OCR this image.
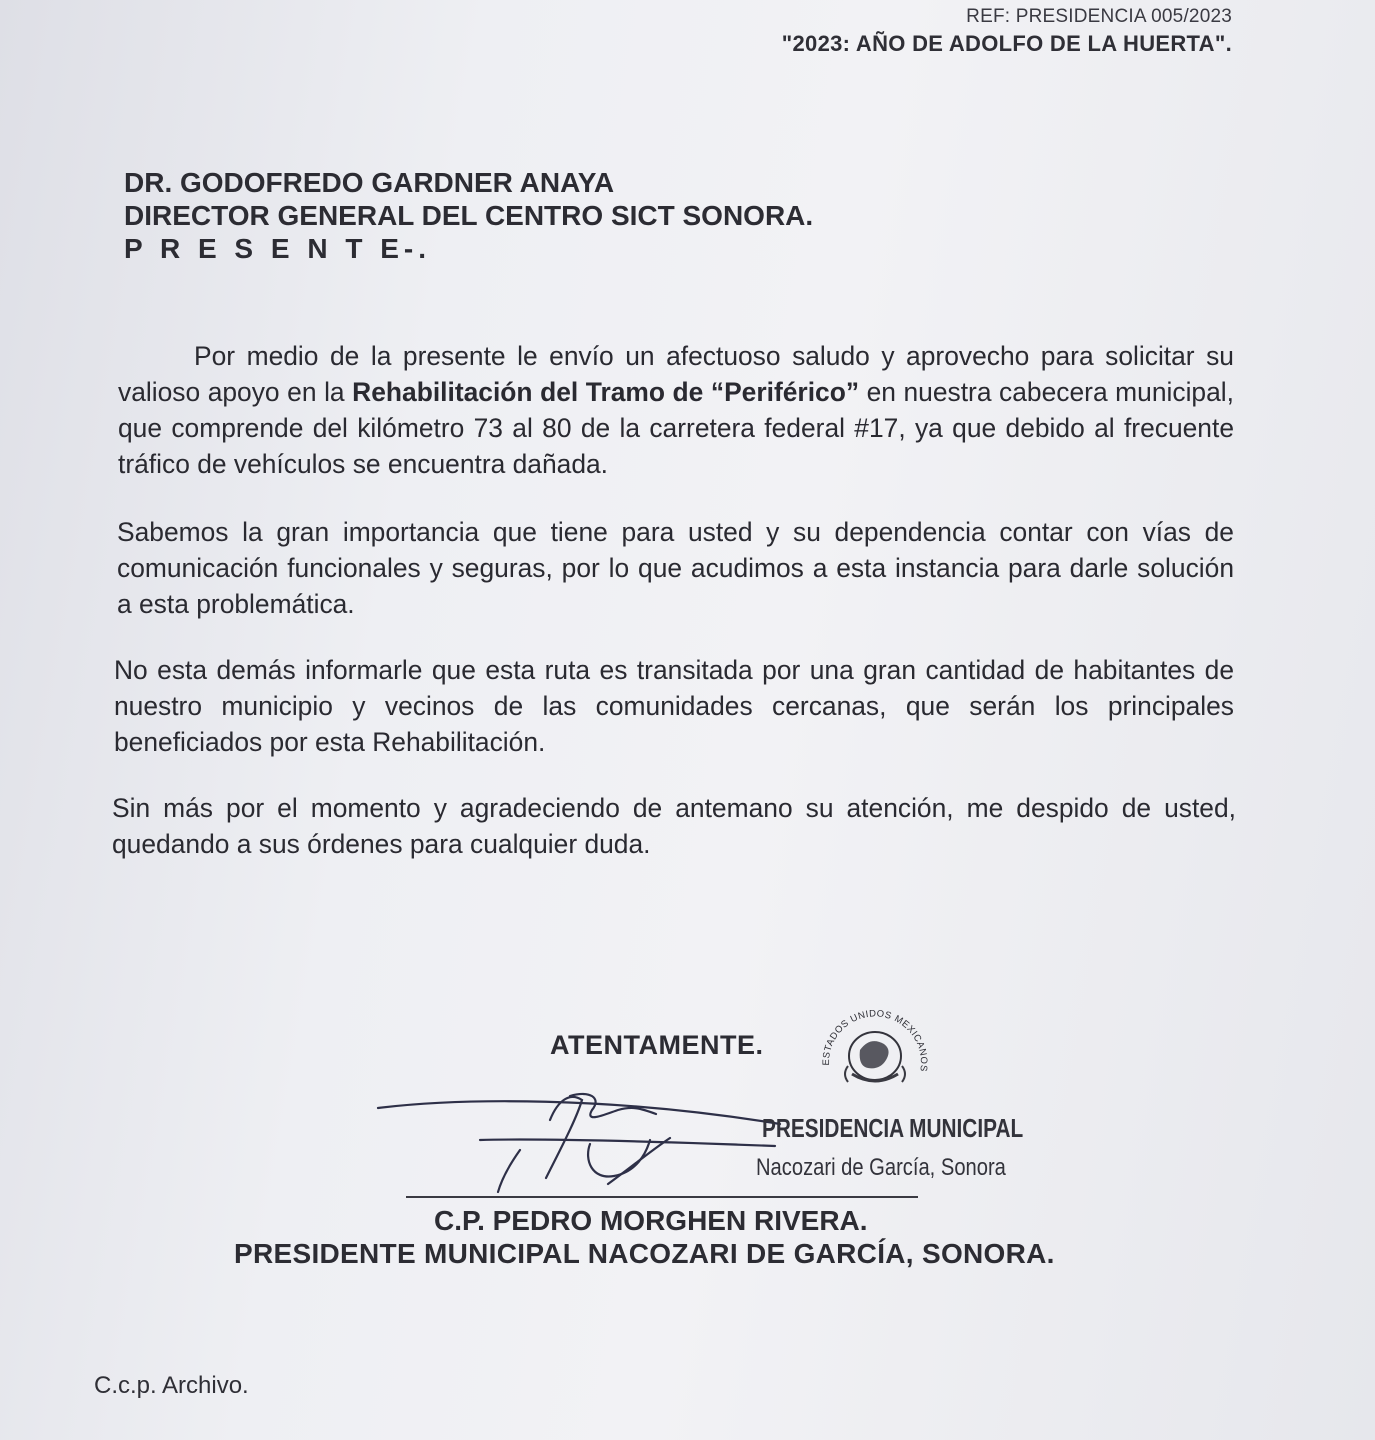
REF: PRESIDENCIA 005/2023
"2023: AÑO DE ADOLFO DE LA HUERTA".
DR. GODOFREDO GARDNER ANAYA
DIRECTOR GENERAL DEL CENTRO SICT SONORA.
P R E S E N T E-.

Por medio de la presente le envío un afectuoso saludo y aprovecho para solicitar su valioso apoyo en la Rehabilitación del Tramo de “Periférico” en nuestra cabecera municipal, que comprende del kilómetro 73 al 80 de la carretera federal #17, ya que debido al frecuente tráfico de vehículos se encuentra dañada.

Sabemos la gran importancia que tiene para usted y su dependencia contar con vías de comunicación funcionales y seguras, por lo que acudimos a esta instancia para darle solución a esta problemática.

No esta demás informarle que esta ruta es transitada por una gran cantidad de habitantes de nuestro municipio y vecinos de las comunidades cercanas, que serán los principales beneficiados por esta Rehabilitación.

Sin más por el momento y agradeciendo de antemano su atención, me despido de usted, quedando a sus órdenes para cualquier duda.

ATENTAMENTE.
ESTADOS UNIDOS MEXICANOS
PRESIDENCIA MUNICIPAL
Nacozari de García, Sonora
C.P. PEDRO MORGHEN RIVERA.
PRESIDENTE MUNICIPAL NACOZARI DE GARCÍA, SONORA.
C.c.p. Archivo.
